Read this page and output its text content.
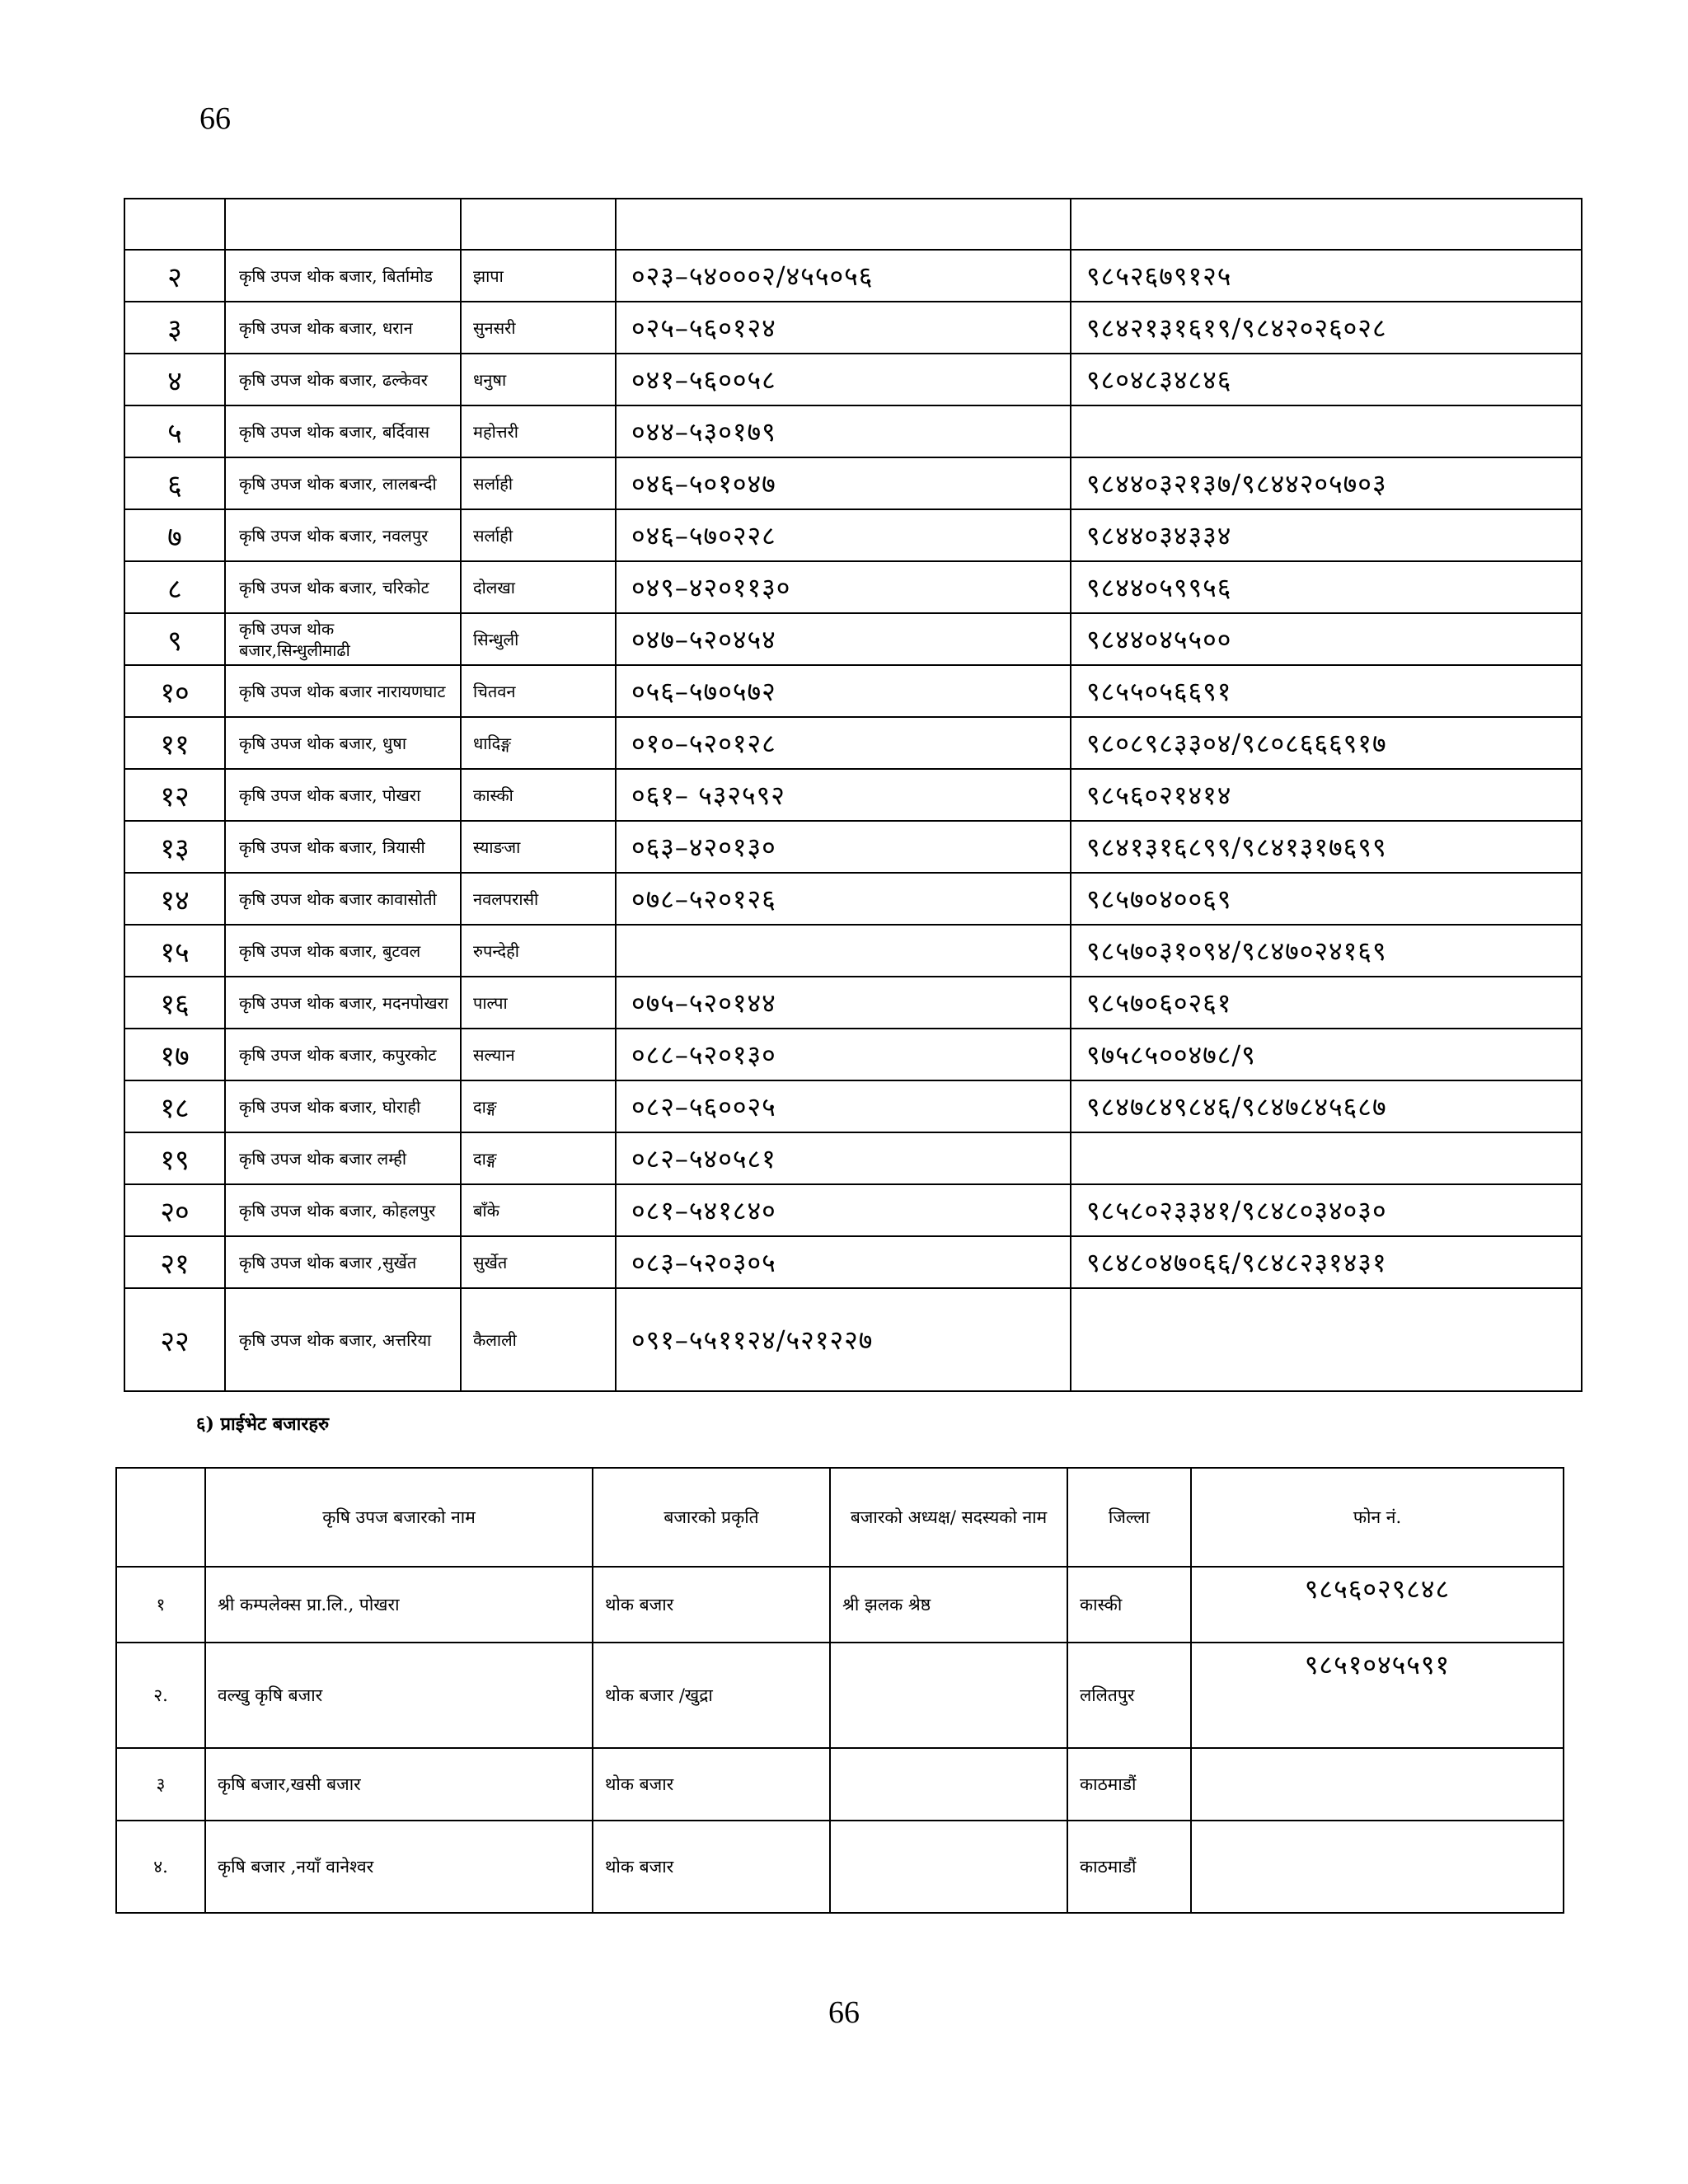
66

२	कृषि उपज थोक बजार, बिर्तामोड	झापा	०२३–५४०००२/४५५०५६	९८५२६७९१२५
३	कृषि उपज थोक बजार, धरान	सुनसरी	०२५–५६०१२४	९८४२१३१६१९/९८४२०२६०२८
४	कृषि उपज थोक बजार, ढल्केवर	धनुषा	०४१–५६००५८	९८०४८३४८४६
५	कृषि उपज थोक बजार, बर्दिवास	महोत्तरी	०४४–५३०१७९	
६	कृषि उपज थोक बजार, लालबन्दी	सर्लाही	०४६–५०१०४७	९८४४०३२१३७/९८४४२०५७०३
७	कृषि उपज थोक बजार, नवलपुर	सर्लाही	०४६–५७०२२८	९८४४०३४३३४
८	कृषि उपज थोक बजार, चरिकोट	दोलखा	०४९–४२०११३०	९८४४०५९९५६
९	कृषि उपज थोक बजार,सिन्धुलीमाढी	सिन्धुली	०४७–५२०४५४	९८४४०४५५००
१०	कृषि उपज थोक बजार नारायणघाट	चितवन	०५६–५७०५७२	९८५५०५६६९१
११	कृषि उपज थोक बजार, धुषा	धादिङ्ग	०१०–५२०१२८	९८०८९८३३०४/९८०८६६६९१७
१२	कृषि उपज थोक बजार, पोखरा	कास्की	०६१– ५३२५९२	९८५६०२१४१४
१३	कृषि उपज थोक बजार, त्रियासी	स्याङजा	०६३–४२०१३०	९८४१३१६८९९/९८४१३१७६९९
१४	कृषि उपज थोक बजार कावासोती	नवलपरासी	०७८–५२०१२६	९८५७०४००६९
१५	कृषि उपज थोक बजार, बुटवल	रुपन्देही		९८५७०३१०९४/९८४७०२४१६९
१६	कृषि उपज थोक बजार, मदनपोखरा	पाल्पा	०७५–५२०१४४	९८५७०६०२६१
१७	कृषि उपज थोक बजार, कपुरकोट	सल्यान	०८८–५२०१३०	९७५८५००४७८/९
१८	कृषि उपज थोक बजार, घोराही	दाङ्ग	०८२–५६००२५	९८४७८४९८४६/९८४७८४५६८७
१९	कृषि उपज थोक बजार लम्ही	दाङ्ग	०८२–५४०५८१	
२०	कृषि उपज थोक बजार, कोहलपुर	बाँके	०८१–५४१८४०	९८५८०२३३४१/९८४८०३४०३०
२१	कृषि उपज थोक बजार ,सुर्खेत	सुर्खेत	०८३–५२०३०५	९८४८०४७०६६/९८४८२३१४३१
२२	कृषि उपज थोक बजार, अत्तरिया	कैलाली	०९१–५५११२४/५२१२२७	
६) प्राईभेट बजारहरु
	कृषि उपज बजारको नाम	बजारको प्रकृति	बजारको अध्यक्ष/ सदस्यको नाम	जिल्ला	फोन नं.
१	श्री कम्पलेक्स प्रा.लि., पोखरा	थोक बजार	श्री झलक श्रेष्ठ	कास्की	९८५६०२९८४८
२.	वल्खु कृषि बजार	थोक बजार /खुद्रा		ललितपुर	९८५१०४५५९१
३	कृषि बजार,खसी बजार	थोक बजार		काठमाडौं	
४.	कृषि बजार ,नयाँ वानेश्वर	थोक बजार		काठमाडौं	
66
